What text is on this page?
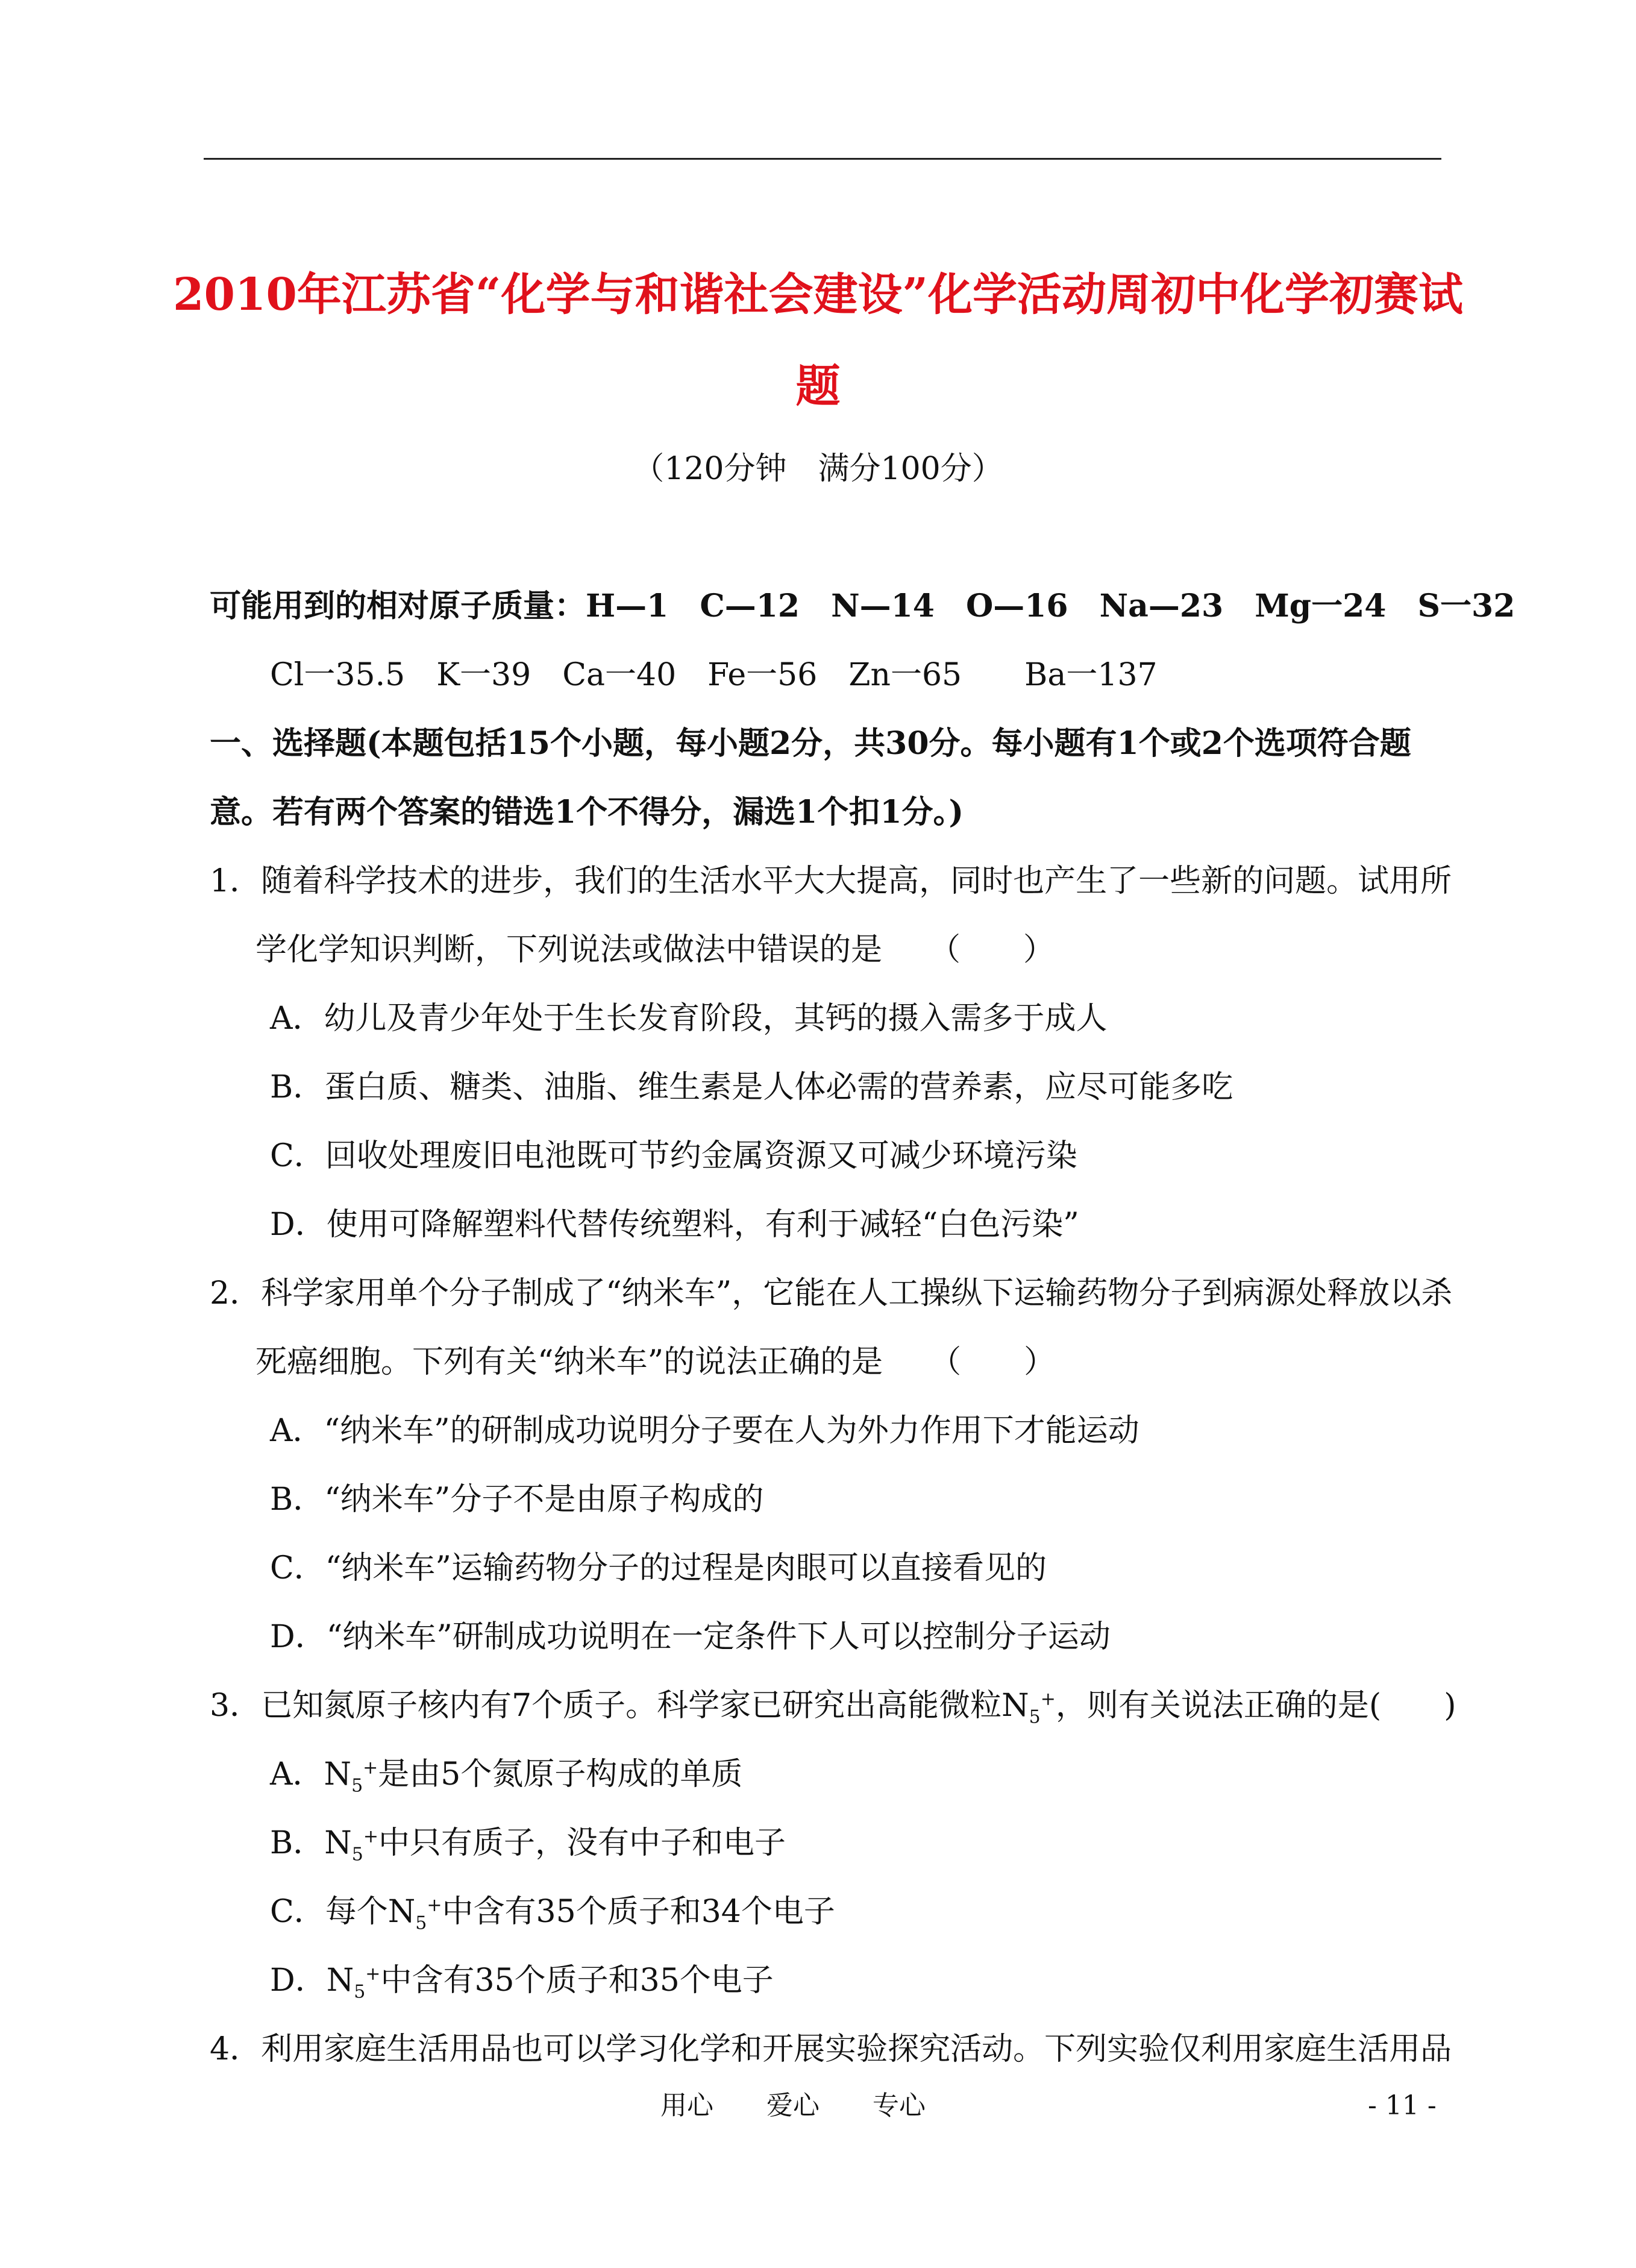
2010年江苏省“化学与和谐社会建设”化学活动周初中化学初赛试
题
（120分钟　满分100分）
可能用到的相对原子质量：H—1　C—12　N—14　O—16　Na—23　Mg一24　S一32
Cl一35.5　K一39　Ca一40　Fe一56　Zn一65　　Ba一137
一、选择题(本题包括15个小题，每小题2分，共30分。每小题有1个或2个选项符合题
意。若有两个答案的错选1个不得分，漏选1个扣1分。)
1．随着科学技术的进步，我们的生活水平大大提高，同时也产生了一些新的问题。试用所
学化学知识判断，下列说法或做法中错误的是　　（　　）
A．幼儿及青少年处于生长发育阶段，其钙的摄入需多于成人
B．蛋白质、糖类、油脂、维生素是人体必需的营养素，应尽可能多吃
C．回收处理废旧电池既可节约金属资源又可减少环境污染
D．使用可降解塑料代替传统塑料，有利于减轻“白色污染”
2．科学家用单个分子制成了“纳米车”，它能在人工操纵下运输药物分子到病源处释放以杀
死癌细胞。下列有关“纳米车”的说法正确的是　　（　　）
A．“纳米车”的研制成功说明分子要在人为外力作用下才能运动
B．“纳米车”分子不是由原子构成的
C．“纳米车”运输药物分子的过程是肉眼可以直接看见的
D．“纳米车”研制成功说明在一定条件下人可以控制分子运动
3．已知氮原子核内有7个质子。科学家已研究出高能微粒$N_5^+$，则有关说法正确的是(　　)
A．$N_5^+$是由5个氮原子构成的单质
B．$N_5^+$中只有质子，没有中子和电子
C．每个$N_5^+$中含有35个质子和34个电子
D．$N_5^+$中含有35个质子和35个电子
4．利用家庭生活用品也可以学习化学和开展实验探究活动。下列实验仅利用家庭生活用品
用心　　爱心　　专心	- 11 -
